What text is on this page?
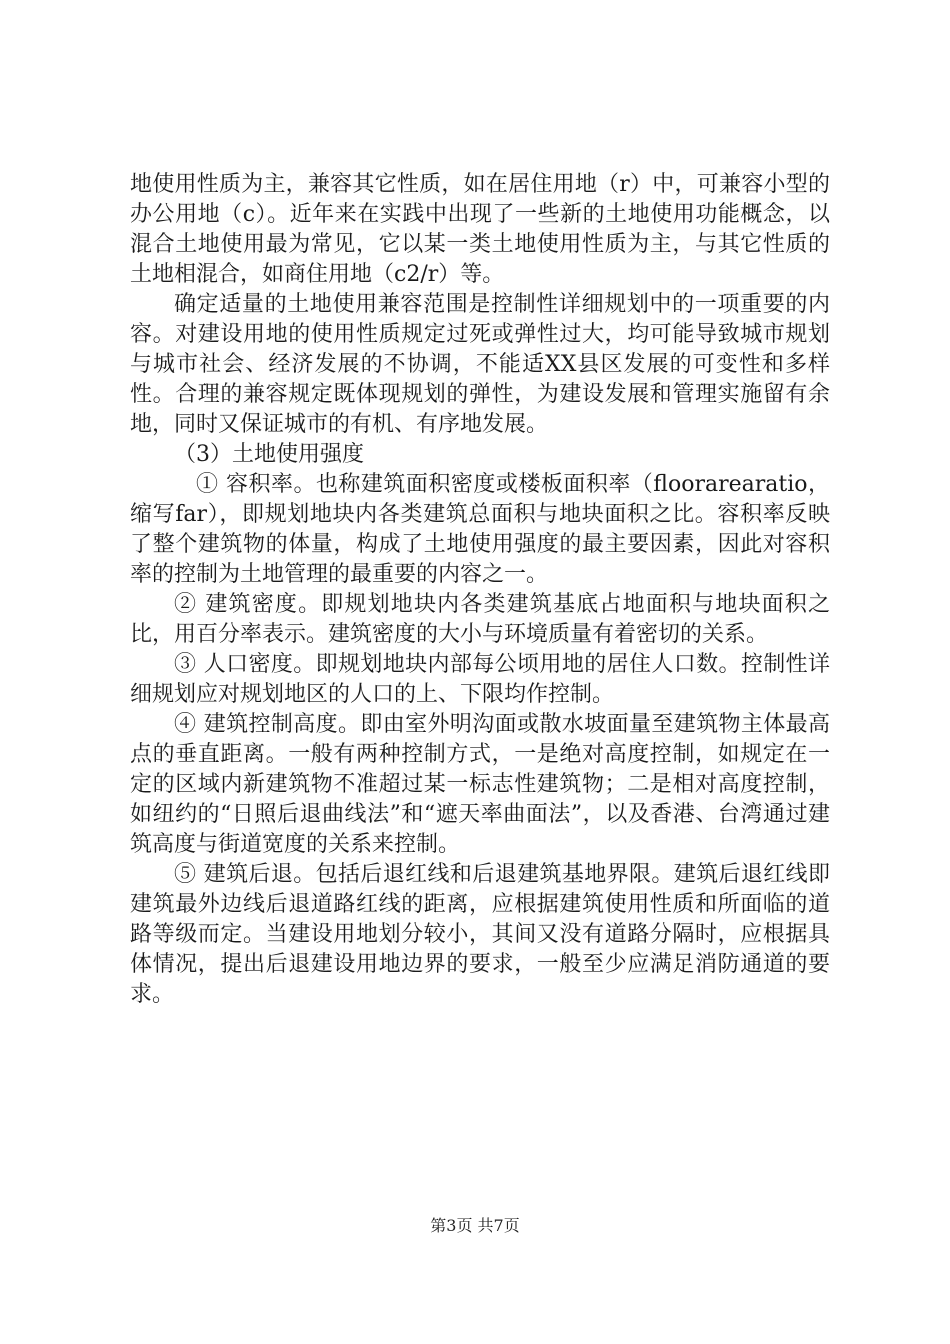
地使用性质为主，兼容其它性质，如在居住用地（r）中，可兼容小型的办公用地（c）。近年来在实践中出现了一些新的土地使用功能概念，以混合土地使用最为常见，它以某一类土地使用性质为主，与其它性质的土地相混合，如商住用地（c2/r）等。

确定适量的土地使用兼容范围是控制性详细规划中的一项重要的内容。对建设用地的使用性质规定过死或弹性过大，均可能导致城市规划与城市社会、经济发展的不协调，不能适XX县区发展的可变性和多样性。合理的兼容规定既体现规划的弹性，为建设发展和管理实施留有余地，同时又保证城市的有机、有序地发展。

（3）土地使用强度

① 容积率。也称建筑面积密度或楼板面积率（floorarearatio，缩写far），即规划地块内各类建筑总面积与地块面积之比。容积率反映了整个建筑物的体量，构成了土地使用强度的最主要因素，因此对容积率的控制为土地管理的最重要的内容之一。

② 建筑密度。即规划地块内各类建筑基底占地面积与地块面积之比，用百分率表示。建筑密度的大小与环境质量有着密切的关系。

③ 人口密度。即规划地块内部每公顷用地的居住人口数。控制性详细规划应对规划地区的人口的上、下限均作控制。

④ 建筑控制高度。即由室外明沟面或散水坡面量至建筑物主体最高点的垂直距离。一般有两种控制方式，一是绝对高度控制，如规定在一定的区域内新建筑物不准超过某一标志性建筑物；二是相对高度控制，如纽约的“日照后退曲线法”和“遮天率曲面法”，以及香港、台湾通过建筑高度与街道宽度的关系来控制。

⑤ 建筑后退。包括后退红线和后退建筑基地界限。建筑后退红线即建筑最外边线后退道路红线的距离，应根据建筑使用性质和所面临的道路等级而定。当建设用地划分较小，其间又没有道路分隔时，应根据具体情况，提出后退建设用地边界的要求，一般至少应满足消防通道的要求。

第3页 共7页
